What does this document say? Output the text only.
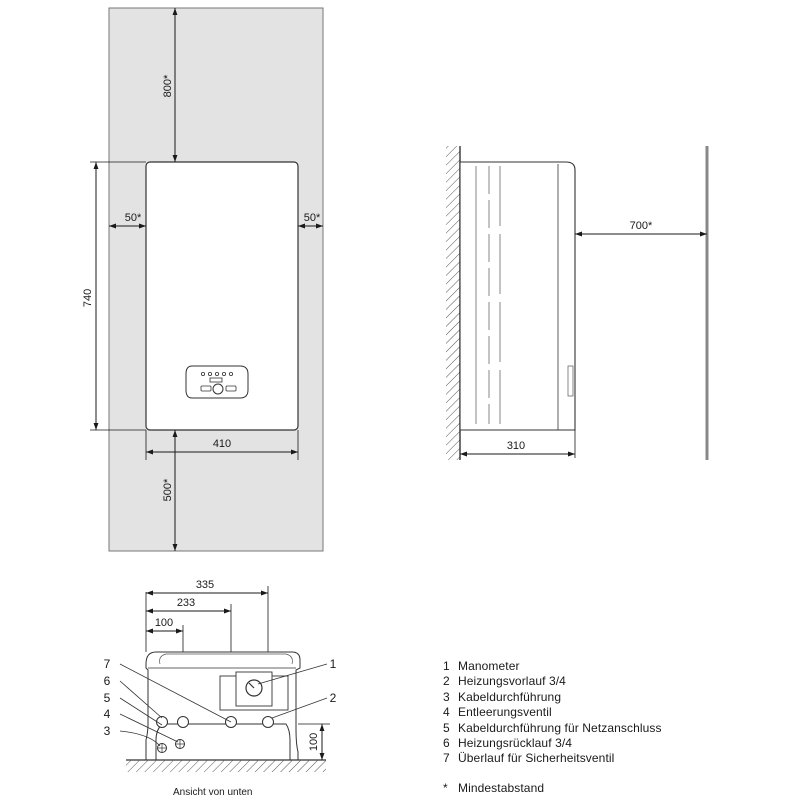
800*
50*	50*
740
410
500*
700*
310
335
233
100
100
7
6
5
4
3
1
2
Ansicht von unten
1 Manometer
2 Heizungsvorlauf 3/4
3 Kabeldurchführung
4 Entleerungsventil
5 Kabeldurchführung für Netzanschluss
6 Heizungsrücklauf 3/4
7 Überlauf für Sicherheitsventil
* Mindestabstand
